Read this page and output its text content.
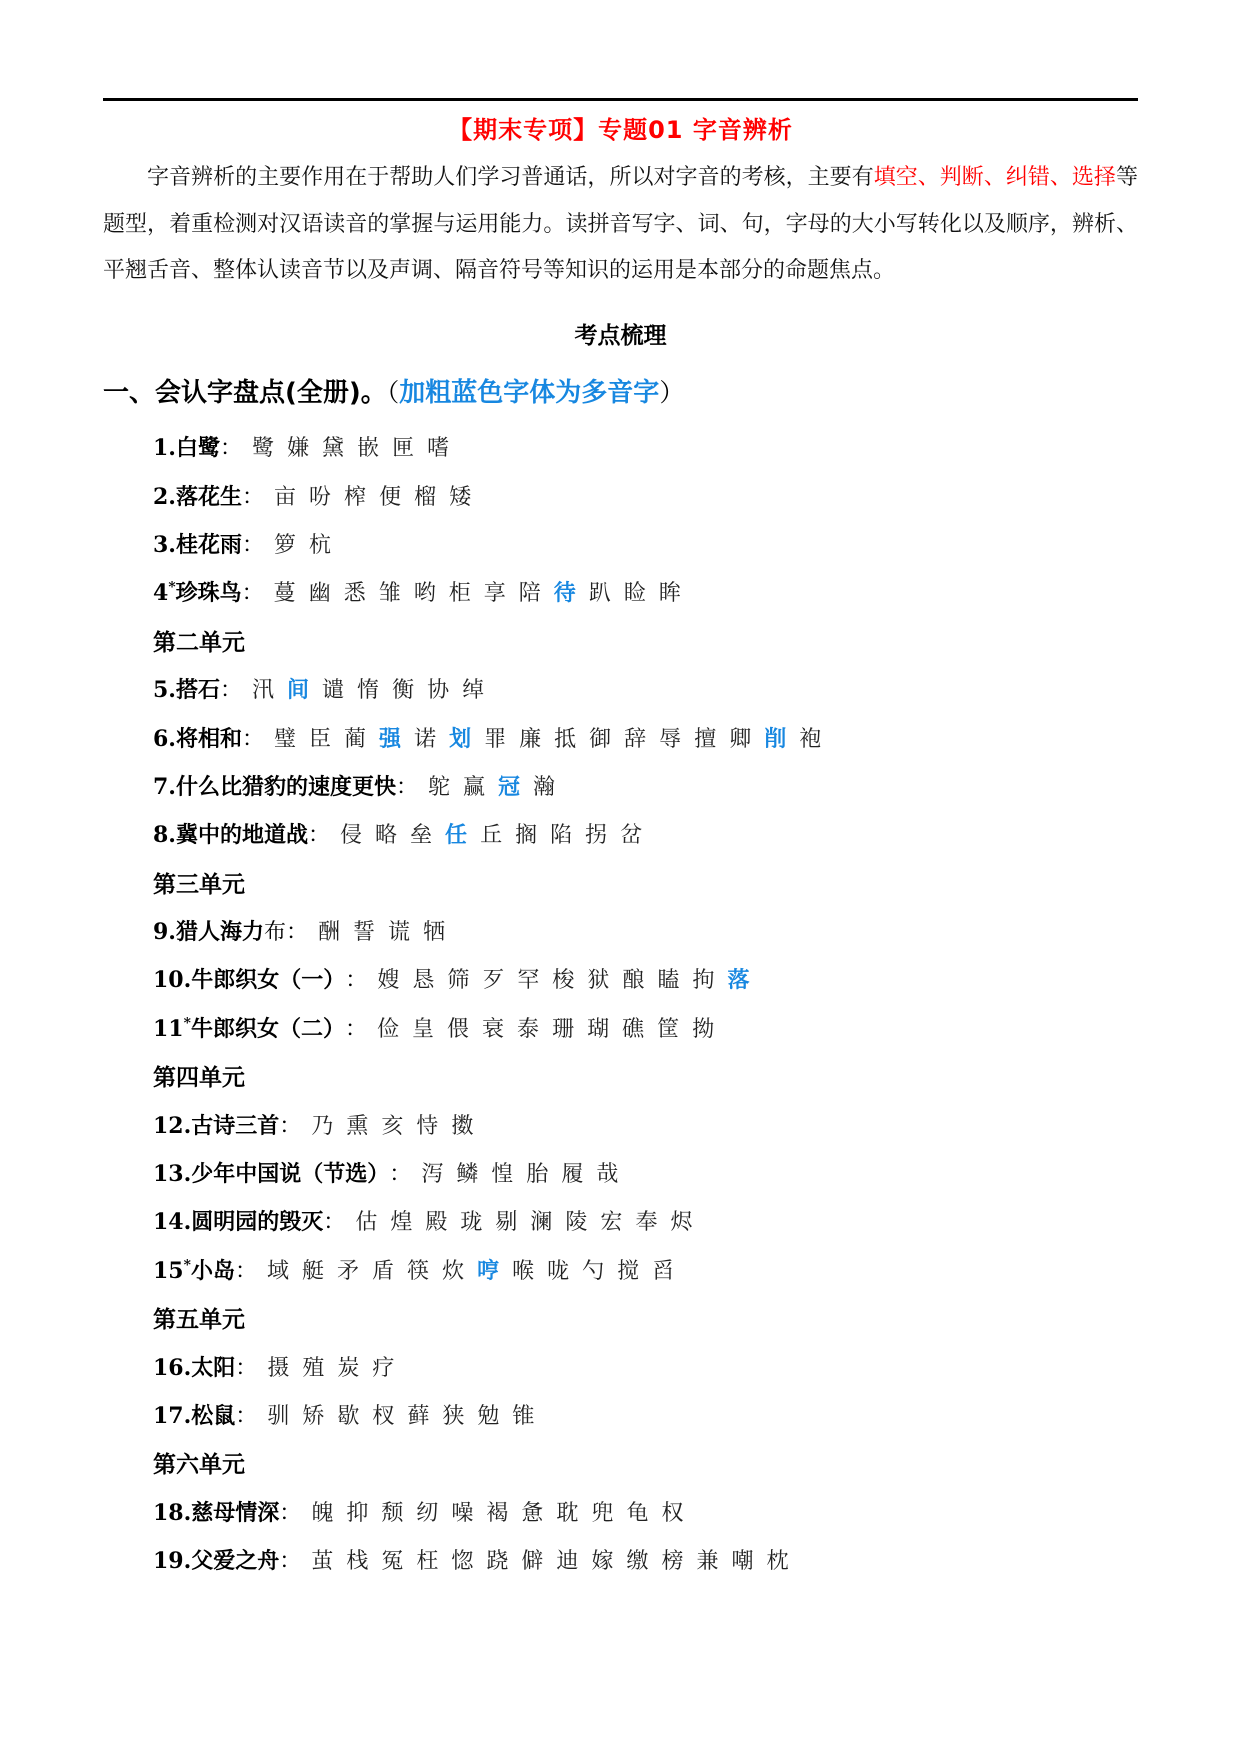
【期末专项】专题01 字音辨析

字音辨析的主要作用在于帮助人们学习普通话，所以对字音的考核，主要有填空、判断、纠错、选择等题型，着重检测对汉语读音的掌握与运用能力。读拼音写字、词、句，字母的大小写转化以及顺序，辨析、平翘舌音、整体认读音节以及声调、隔音符号等知识的运用是本部分的命题焦点。

考点梳理
一、会认字盘点(全册)。（加粗蓝色字体为多音字）
1.白鹭 ： 鹭 嫌 黛 嵌 匣 嗜
2.落花生 ： 亩 吩 榨 便 榴 矮
3.桂花雨 ： 箩 杭
4*珍珠鸟 ： 蔓 幽 悉 雏 哟 柜 享 陪 待 趴 睑 眸
第二单元
5.搭石 ： 汛 间 谴 惰 衡 协 绰
6.将相和 ： 璧 臣 蔺 强 诺 划 罪 廉 抵 御 辞 辱 擅 卿 削 袍
7.什么比猎豹的速度更快 ： 鸵 赢 冠 瀚
8.冀中的地道战 ： 侵 略 垒 任 丘 搁 陷 拐 岔
第三单元
9.猎人海力布 ： 酬 誓 谎 牺
10.牛郎织女（一） ： 嫂 恳 筛 歹 罕 梭 狱 酿 瞌 拘 落
11*牛郎织女（二） ： 俭 皇 偎 衰 泰 珊 瑚 礁 筐 拗
第四单元
12.古诗三首 ： 乃 熏 亥 恃 擞
13.少年中国说（节选） ： 泻 鳞 惶 胎 履 哉
14.圆明园的毁灭 ： 估 煌 殿 珑 剔 澜 陵 宏 奉 烬
15*小岛 ： 域 艇 矛 盾 筷 炊 哼 喉 咙 勺 搅 舀
第五单元
16.太阳 ： 摄 殖 炭 疗
17.松鼠 ： 驯 矫 歇 杈 藓 狭 勉 锥
第六单元
18.慈母情深 ： 魄 抑 颓 纫 噪 褐 惫 耽 兜 龟 权
19.父爱之舟 ： 茧 栈 冤 枉 惚 跷 僻 迪 嫁 缴 榜 兼 嘲 枕
